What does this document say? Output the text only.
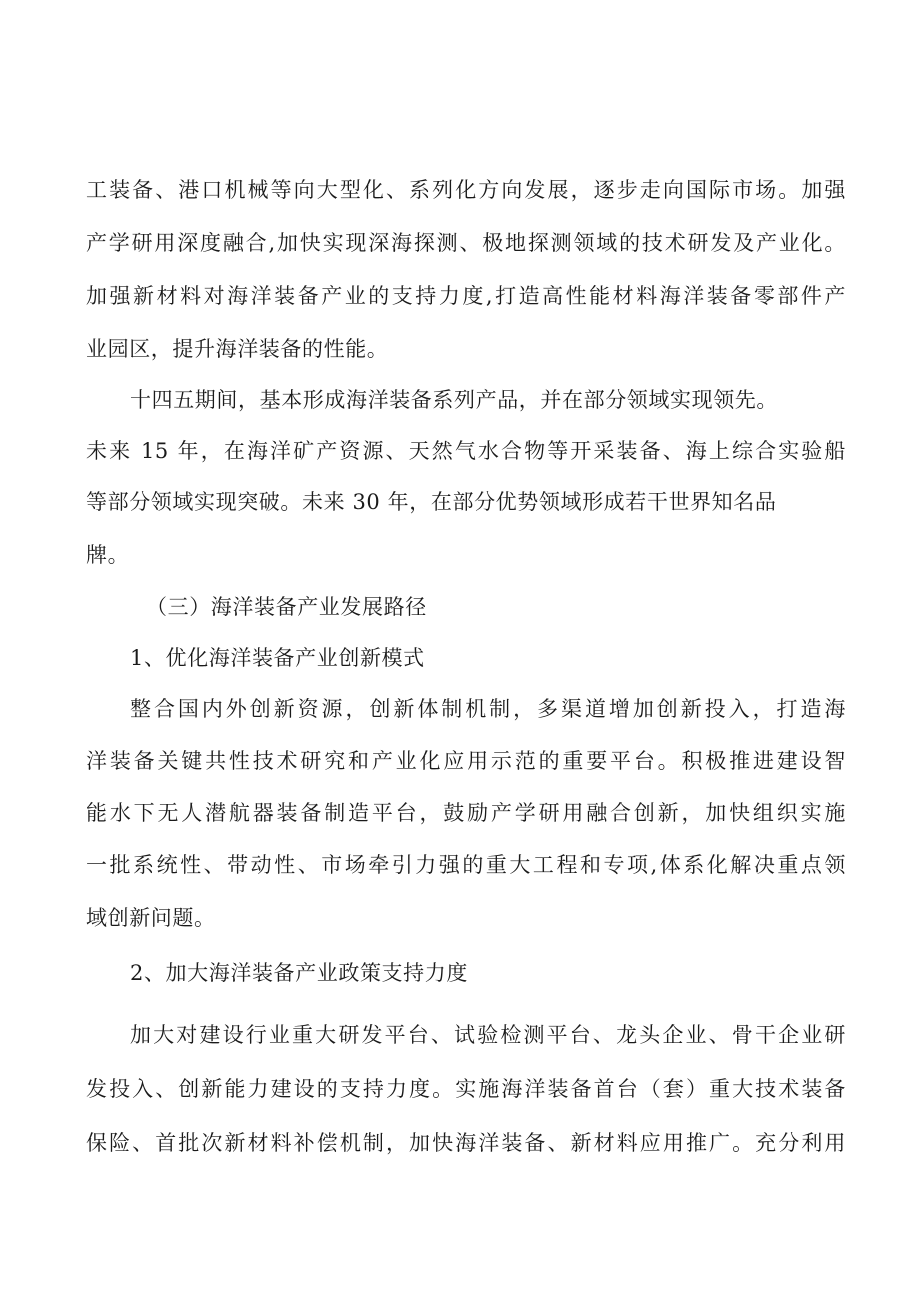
工装备、港口机械等向大型化、系列化方向发展，逐步走向国际市场。加强
产学研用深度融合,加快实现深海探测、极地探测领域的技术研发及产业化。
加强新材料对海洋装备产业的支持力度,打造高性能材料海洋装备零部件产
业园区，提升海洋装备的性能。
十四五期间，基本形成海洋装备系列产品，并在部分领域实现领先。
未来 15 年，在海洋矿产资源、天然气水合物等开采装备、海上综合实验船
等部分领域实现突破。未来 30 年，在部分优势领域形成若干世界知名品
牌。
（三）海洋装备产业发展路径
1、优化海洋装备产业创新模式
整合国内外创新资源，创新体制机制，多渠道增加创新投入，打造海
洋装备关键共性技术研究和产业化应用示范的重要平台。积极推进建设智
能水下无人潜航器装备制造平台，鼓励产学研用融合创新，加快组织实施
一批系统性、带动性、市场牵引力强的重大工程和专项,体系化解决重点领
域创新问题。
2、加大海洋装备产业政策支持力度
加大对建设行业重大研发平台、试验检测平台、龙头企业、骨干企业研
发投入、创新能力建设的支持力度。实施海洋装备首台（套）重大技术装备
保险、首批次新材料补偿机制，加快海洋装备、新材料应用推广。充分利用
